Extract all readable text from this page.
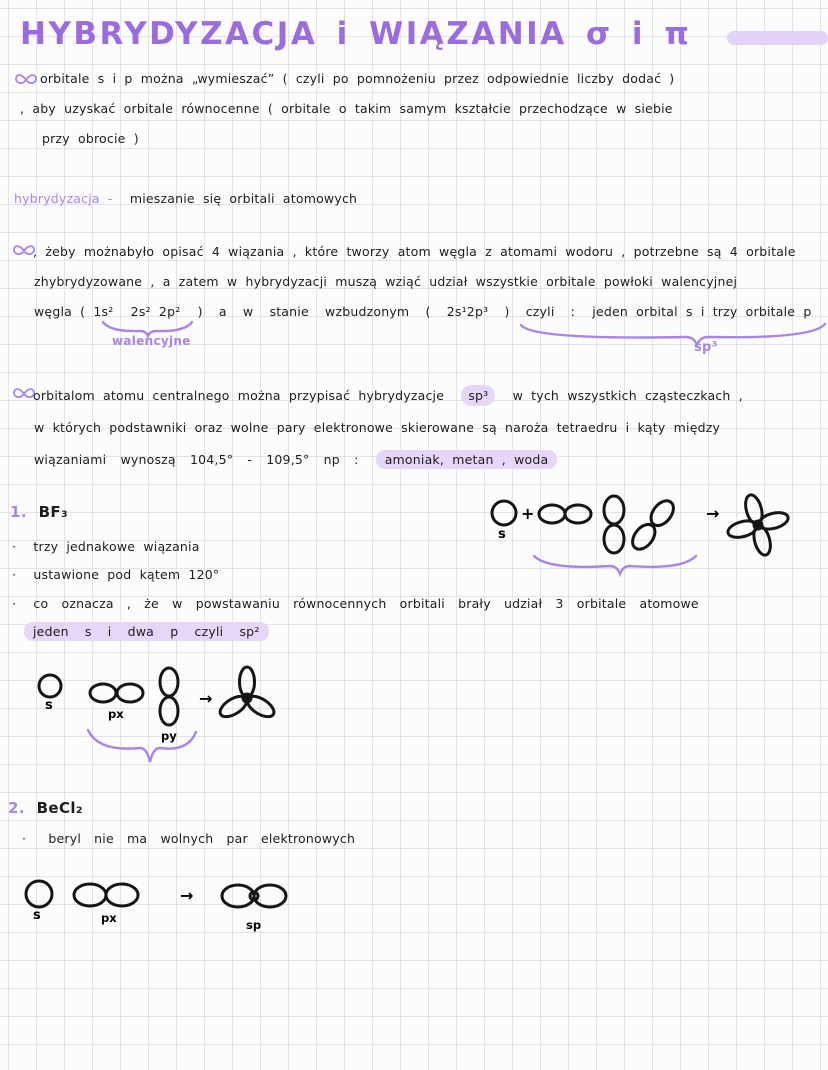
HYBRYDYZACJA i WIĄZANIA σ i π
orbitale s i p można „wymieszać” ( czyli po pomnożeniu przez odpowiednie liczby dodać )
, aby uzyskać orbitale równocenne ( orbitale o takim samym kształcie przechodzące w siebie
przy obrocie )
hybrydyzacja - mieszanie się orbitali atomowych
, żeby możnabyło opisać 4 wiązania , które tworzy atom węgla z atomami wodoru , potrzebne są 4 orbitale
zhybrydyzowane , a zatem w hybrydyzacji muszą wziąć udział wszystkie orbitale powłoki walencyjnej
węgla ( 1s² 2s² 2p² ) a w stanie wzbudzonym ( 2s¹2p³ ) czyli : jeden orbital s i trzy orbitale p
walencyjne	sp³
orbitalom atomu centralnego można przypisać hybrydyzacje sp³ w tych wszystkich cząsteczkach ,
w których podstawniki oraz wolne pary elektronowe skierowane są naroża tetraedru i kąty między
wiązaniami wynoszą 104,5° - 109,5° np : amoniak, metan , woda
1. BF₃
s
+	→
· trzy jednakowe wiązania
· ustawione pod kątem 120°
· co oznacza , że w powstawaniu równocennych orbitali brały udział 3 orbitale atomowe
jeden s i dwa p czyli sp²
s
px
py
→
2. BeCl₂
· beryl nie ma wolnych par elektronowych
s	px
→
sp
